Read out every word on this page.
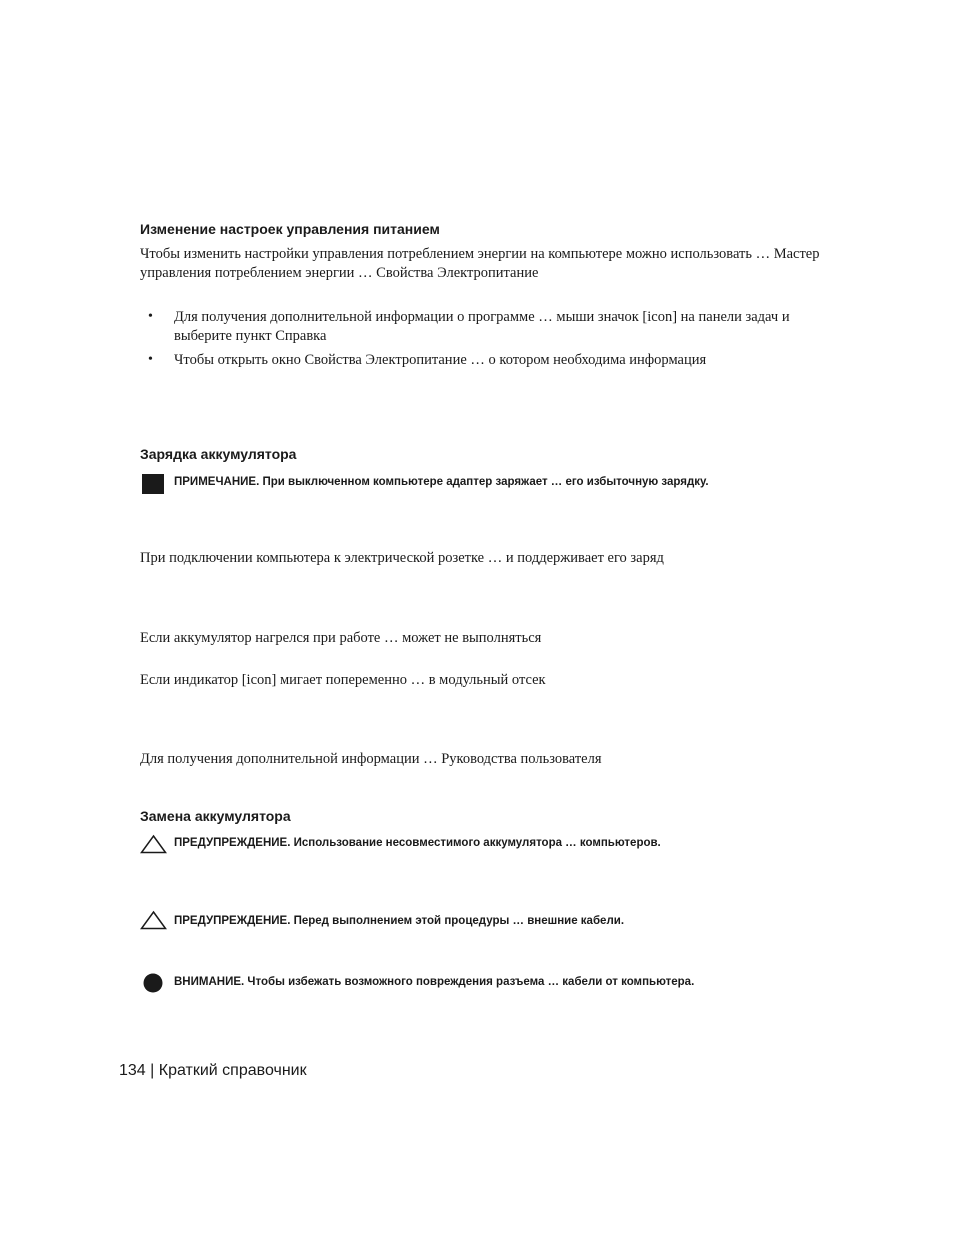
Изменение настроек управления питанием

Чтобы изменить настройки управления потреблением энергии на компьютере можно использовать … Мастер управления потреблением энергии … Свойства Электропитание

• Для получения дополнительной информации о программе … мыши значок [icon] на панели задач и выберите пункт Справка

• Чтобы открыть окно Свойства Электропитание … о котором необходима информация

Зарядка аккумулятора

ПРИМЕЧАНИЕ. При выключенном компьютере адаптер заряжает … его избыточную зарядку.

При подключении компьютера к электрической розетке … и поддерживает его заряд

Если аккумулятор нагрелся при работе … может не выполняться

Если индикатор [icon] мигает попеременно … в модульный отсек

Для получения дополнительной информации … Руководства пользователя

Замена аккумулятора

ПРЕДУПРЕЖДЕНИЕ. Использование несовместимого аккумулятора … компьютеров.

ПРЕДУПРЕЖДЕНИЕ. Перед выполнением этой процедуры … внешние кабели.

ВНИМАНИЕ. Чтобы избежать возможного повреждения разъема … кабели от компьютера.

134 | Краткий справочник
